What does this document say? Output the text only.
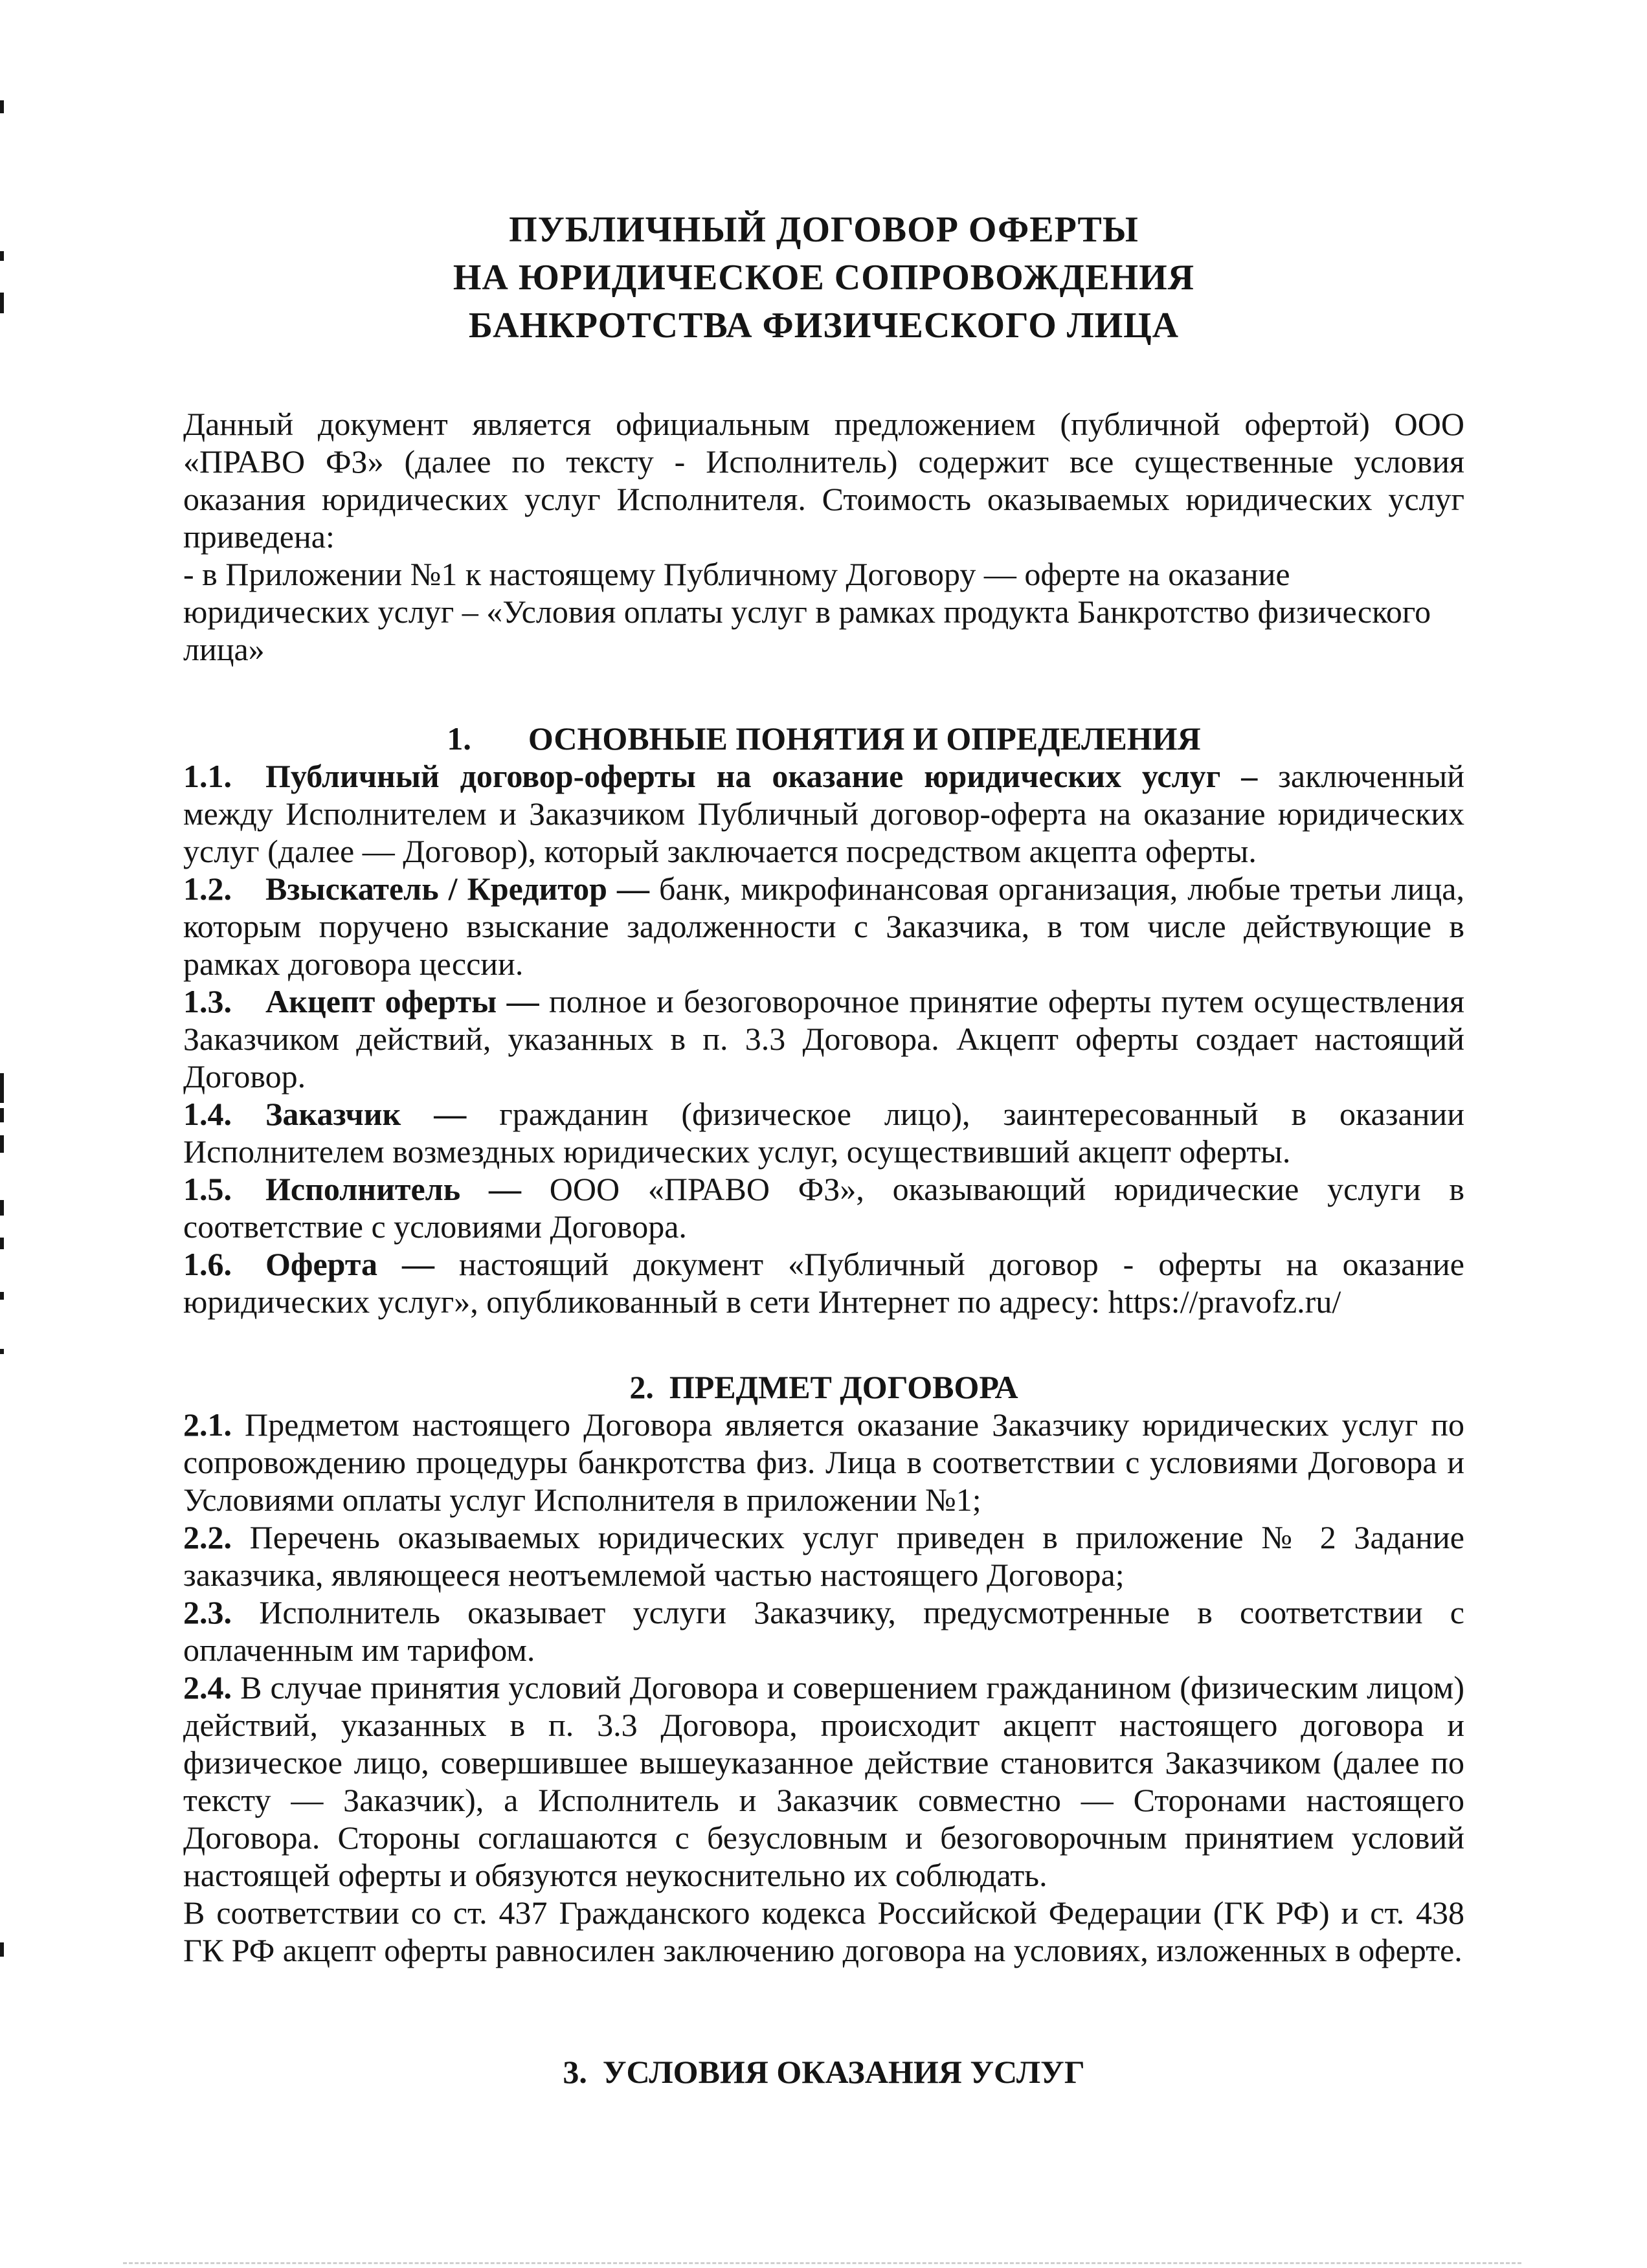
ПУБЛИЧНЫЙ ДОГОВОР ОФЕРТЫ
НА ЮРИДИЧЕСКОЕ СОПРОВОЖДЕНИЯ
БАНКРОТСТВА ФИЗИЧЕСКОГО ЛИЦА

Данный документ является официальным предложением (публичной офертой) ООО «ПРАВО ФЗ» (далее по тексту - Исполнитель) содержит все существенные условия оказания юридических услуг Исполнителя. Стоимость оказываемых юридических услуг приведена:

- в Приложении №1 к настоящему Публичному Договору — оферте на оказание юридических услуг – «Условия оплаты услуг в рамках продукта Банкротство физического лица»

1. ОСНОВНЫЕ ПОНЯТИЯ И ОПРЕДЕЛЕНИЯ

1.1. Публичный договор-оферты на оказание юридических услуг – заключенный между Исполнителем и Заказчиком Публичный договор-оферта на оказание юридических услуг (далее — Договор), который заключается посредством акцепта оферты.

1.2. Взыскатель / Кредитор — банк, микрофинансовая организация, любые третьи лица, которым поручено взыскание задолженности с Заказчика, в том числе действующие в рамках договора цессии.

1.3. Акцепт оферты — полное и безоговорочное принятие оферты путем осуществления Заказчиком действий, указанных в п. 3.3 Договора. Акцепт оферты создает настоящий Договор.

1.4. Заказчик — гражданин (физическое лицо), заинтересованный в оказании Исполнителем возмездных юридических услуг, осуществивший акцепт оферты.

1.5. Исполнитель — ООО «ПРАВО ФЗ», оказывающий юридические услуги в соответствие с условиями Договора.

1.6. Оферта — настоящий документ «Публичный договор - оферты на оказание юридических услуг», опубликованный в сети Интернет по адресу: https://pravofz.ru/

2. ПРЕДМЕТ ДОГОВОРА

2.1. Предметом настоящего Договора является оказание Заказчику юридических услуг по сопровождению процедуры банкротства физ. Лица в соответствии с условиями Договора и Условиями оплаты услуг Исполнителя в приложении №1;

2.2. Перечень оказываемых юридических услуг приведен в приложение № 2 Задание заказчика, являющееся неотъемлемой частью настоящего Договора;

2.3. Исполнитель оказывает услуги Заказчику, предусмотренные в соответствии с оплаченным им тарифом.

2.4. В случае принятия условий Договора и совершением гражданином (физическим лицом) действий, указанных в п. 3.3 Договора, происходит акцепт настоящего договора и физическое лицо, совершившее вышеуказанное действие становится Заказчиком (далее по тексту — Заказчик), а Исполнитель и Заказчик совместно — Сторонами настоящего Договора. Стороны соглашаются с безусловным и безоговорочным принятием условий настоящей оферты и обязуются неукоснительно их соблюдать.

В соответствии со ст. 437 Гражданского кодекса Российской Федерации (ГК РФ) и ст. 438 ГК РФ акцепт оферты равносилен заключению договора на условиях, изложенных в оферте.

3. УСЛОВИЯ ОКАЗАНИЯ УСЛУГ
